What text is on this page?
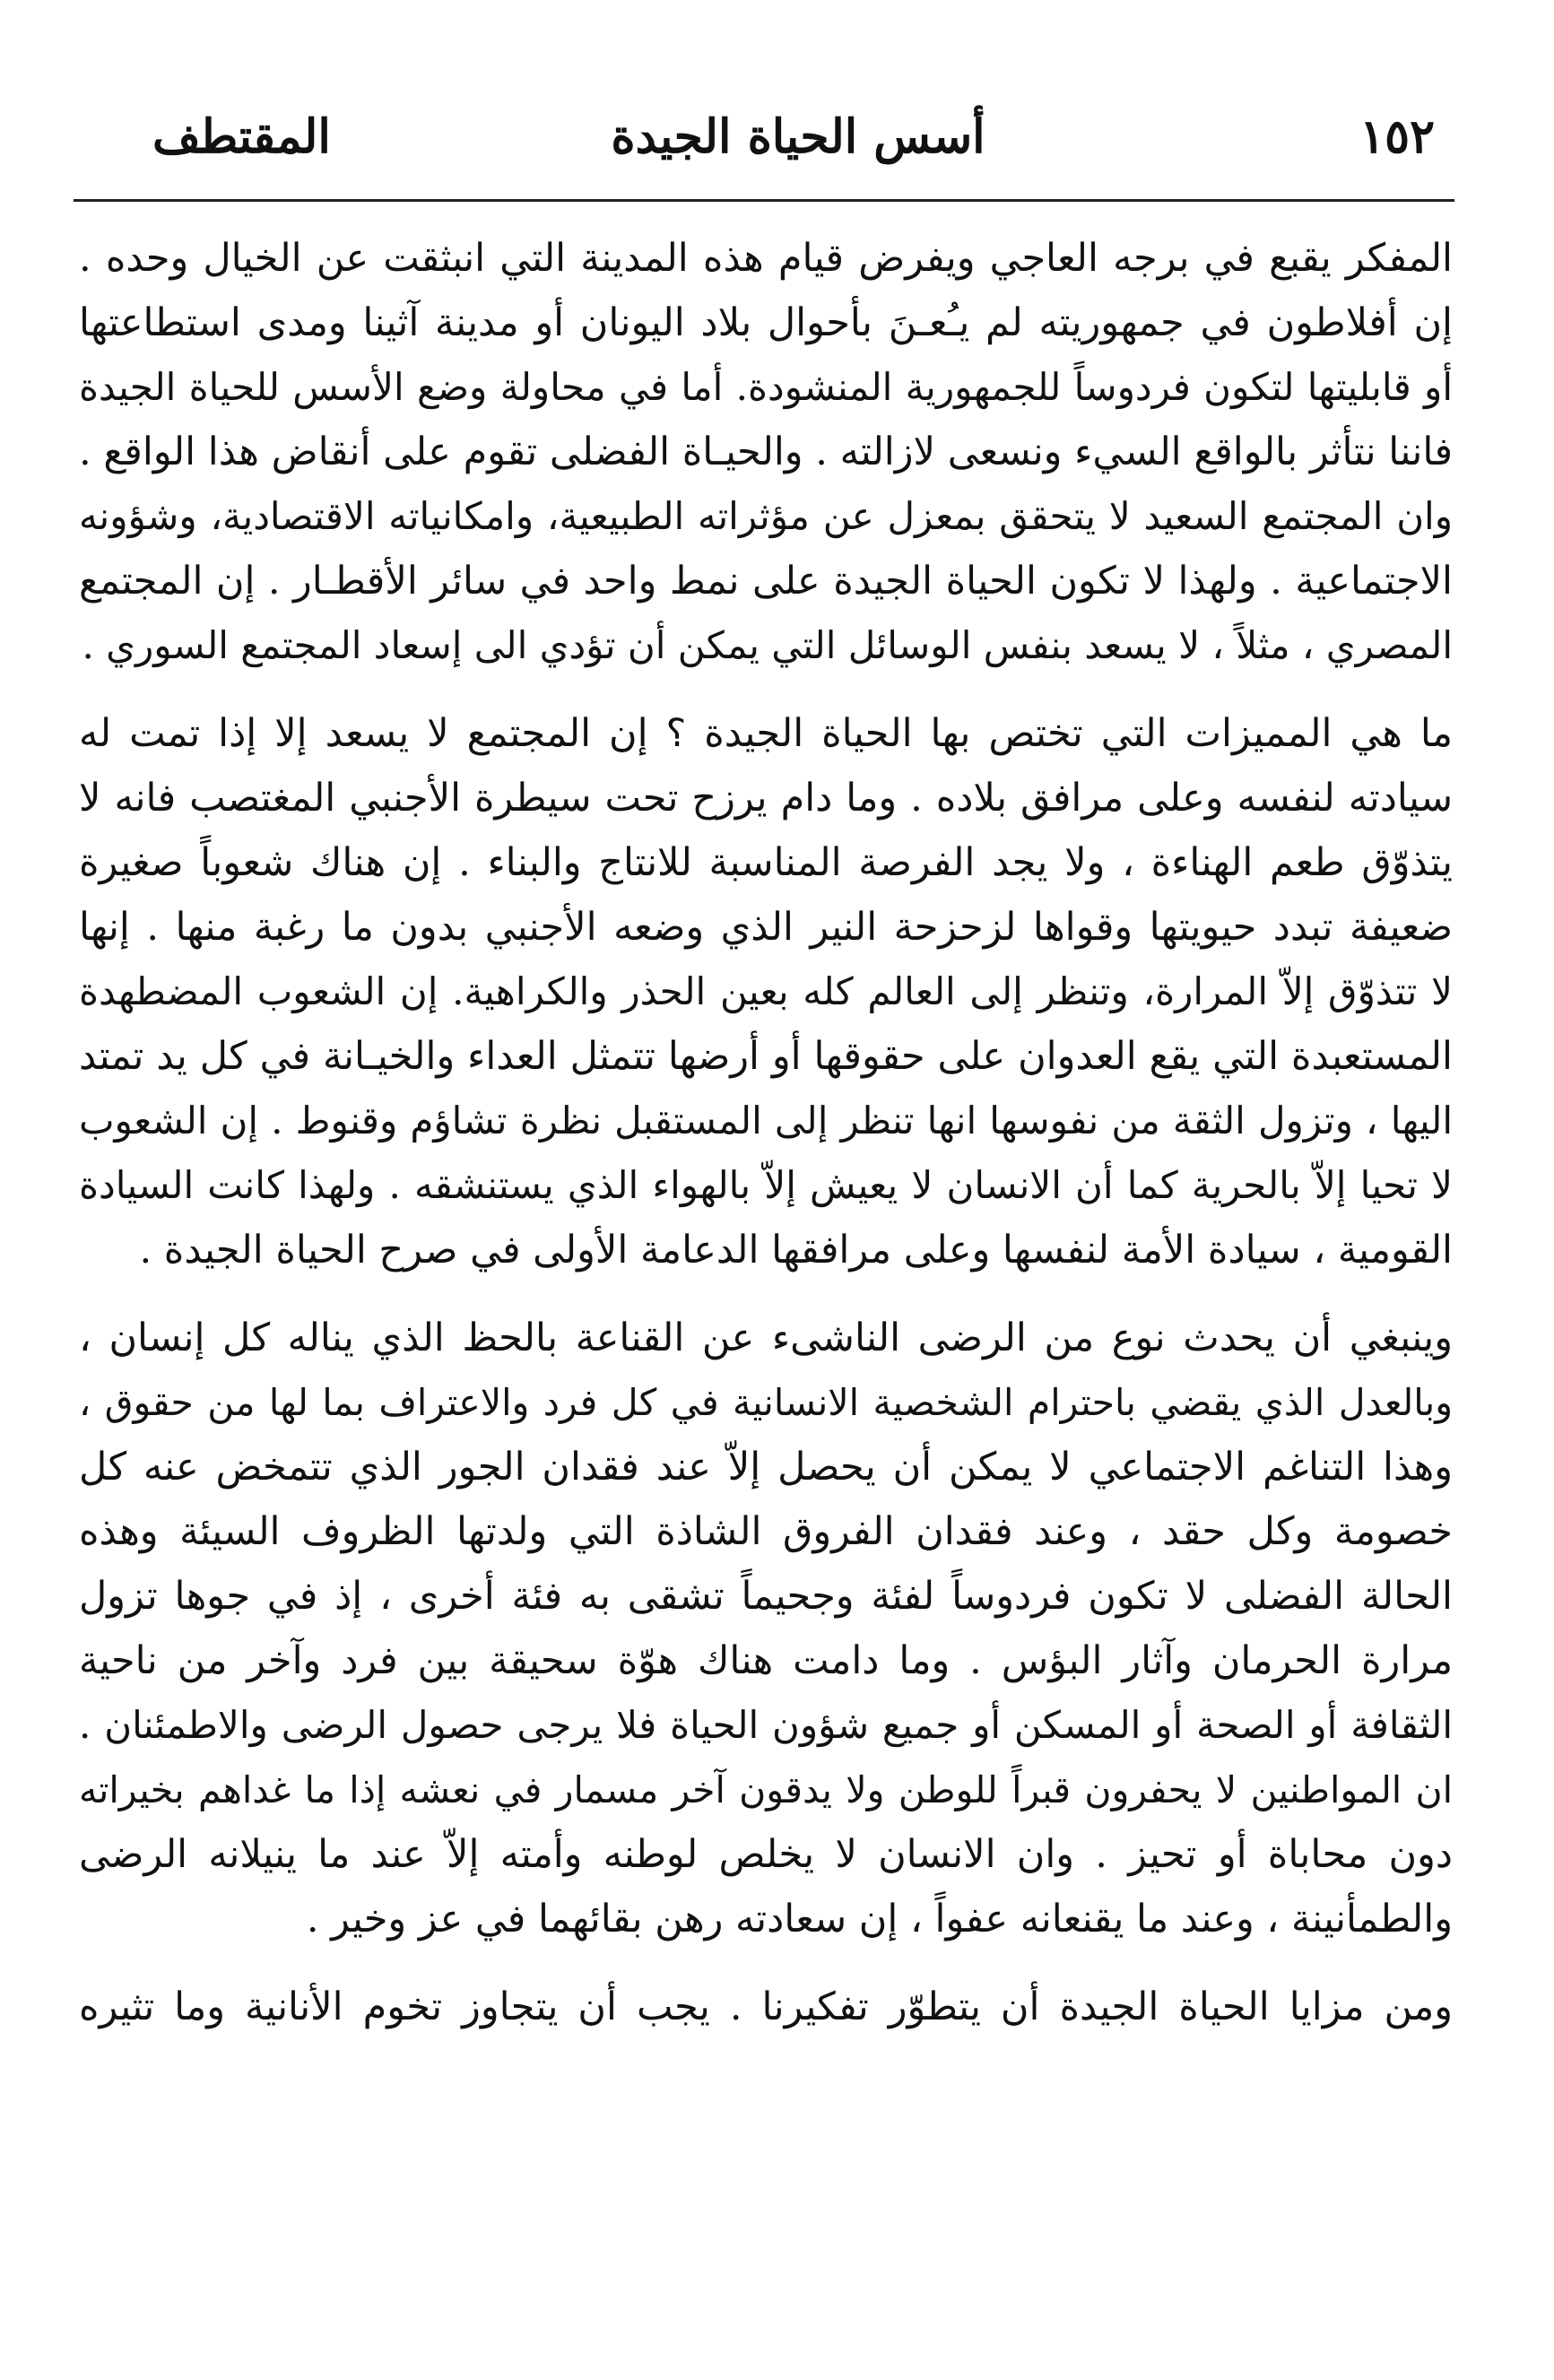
المقتطف	أسس الحياة الجيدة	١٥٢
المفكر يقبع في برجه العاجي ويفرض قيام هذه المدينة التي انبثقت عن الخيال وحده .
إن أفلاطون في جمهوريته لم يـُعـنَ بأحوال بلاد اليونان أو مدينة آثينا ومدى استطاعتها
أو قابليتها لتكون فردوساً للجمهورية المنشودة. أما في محاولة وضع الأسس للحياة الجيدة
فاننا نتأثر بالواقع السيء ونسعى لازالته . والحيـاة الفضلى تقوم على أنقاض هذا الواقع .
وان المجتمع السعيد لا يتحقق بمعزل عن مؤثراته الطبيعية، وامكانياته الاقتصادية، وشؤونه
الاجتماعية . ولهذا لا تكون الحياة الجيدة على نمط واحد في سائر الأقطـار . إن المجتمع
المصري ، مثلاً ، لا يسعد بنفس الوسائل التي يمكن أن تؤدي الى إسعاد المجتمع السوري .
ما هي المميزات التي تختص بها الحياة الجيدة ؟ إن المجتمع لا يسعد إلا إذا تمت له
سيادته لنفسه وعلى مرافق بلاده . وما دام يرزح تحت سيطرة الأجنبي المغتصب فانه لا
يتذوّق طعم الهناءة ، ولا يجد الفرصة المناسبة للانتاج والبناء . إن هناك شعوباً صغيرة
ضعيفة تبدد حيويتها وقواها لزحزحة النير الذي وضعه الأجنبي بدون ما رغبة منها . إنها
لا تتذوّق إلاّ المرارة، وتنظر إلى العالم كله بعين الحذر والكراهية. إن الشعوب المضطهدة
المستعبدة التي يقع العدوان على حقوقها أو أرضها تتمثل العداء والخيـانة في كل يد تمتد
اليها ، وتزول الثقة من نفوسها انها تنظر إلى المستقبل نظرة تشاؤم وقنوط . إن الشعوب
لا تحيا إلاّ بالحرية كما أن الانسان لا يعيش إلاّ بالهواء الذي يستنشقه . ولهذا كانت السيادة
القومية ، سيادة الأمة لنفسها وعلى مرافقها الدعامة الأولى في صرح الحياة الجيدة .
وينبغي أن يحدث نوع من الرضى الناشىء عن القناعة بالحظ الذي يناله كل إنسان ،
وبالعدل الذي يقضي باحترام الشخصية الانسانية في كل فرد والاعتراف بما لها من حقوق ،
وهذا التناغم الاجتماعي لا يمكن أن يحصل إلاّ عند فقدان الجور الذي تتمخض عنه كل
خصومة وكل حقد ، وعند فقدان الفروق الشاذة التي ولدتها الظروف السيئة وهذه
الحالة الفضلى لا تكون فردوساً لفئة وجحيماً تشقى به فئة أخرى ، إذ في جوها تزول
مرارة الحرمان وآثار البؤس . وما دامت هناك هوّة سحيقة بين فرد وآخر من ناحية
الثقافة أو الصحة أو المسكن أو جميع شؤون الحياة فلا يرجى حصول الرضى والاطمئنان .
ان المواطنين لا يحفرون قبراً للوطن ولا يدقون آخر مسمار في نعشه إذا ما غداهم بخيراته
دون محاباة أو تحيز . وان الانسان لا يخلص لوطنه وأمته إلاّ عند ما ينيلانه الرضى
والطمأنينة ، وعند ما يقنعانه عفواً ، إن سعادته رهن بقائهما في عز وخير .
ومن مزايا الحياة الجيدة أن يتطوّر تفكيرنا . يجب أن يتجاوز تخوم الأنانية وما تثيره
